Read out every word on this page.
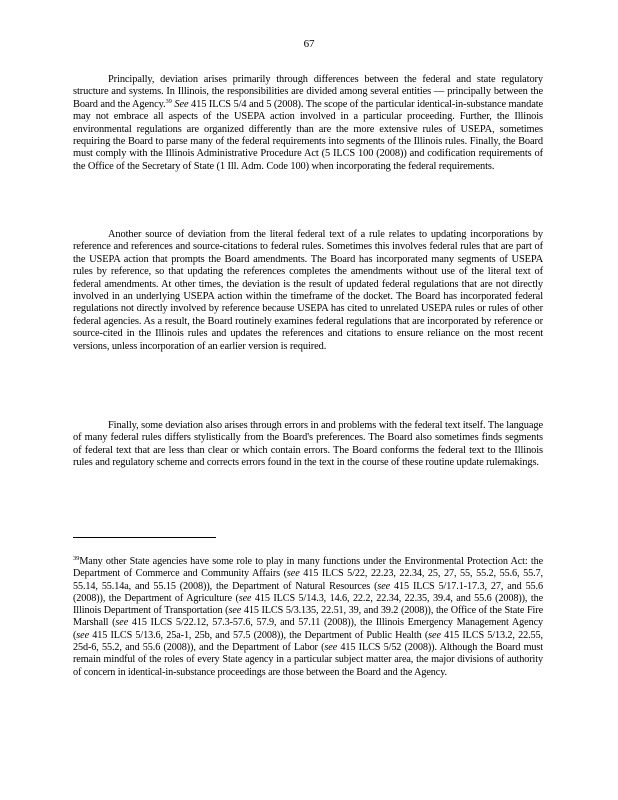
67

Principally, deviation arises primarily through differences between the federal and state regulatory structure and systems. In Illinois, the responsibilities are divided among several entities — principally between the Board and the Agency.$^{39}$ See 415 ILCS 5/4 and 5 (2008). The scope of the particular identical-in-substance mandate may not embrace all aspects of the USEPA action involved in a particular proceeding. Further, the Illinois environmental regulations are organized differently than are the more extensive rules of USEPA, sometimes requiring the Board to parse many of the federal requirements into segments of the Illinois rules. Finally, the Board must comply with the Illinois Administrative Procedure Act (5 ILCS 100 (2008)) and codification requirements of the Office of the Secretary of State (1 Ill. Adm. Code 100) when incorporating the federal requirements.

Another source of deviation from the literal federal text of a rule relates to updating incorporations by reference and references and source-citations to federal rules. Sometimes this involves federal rules that are part of the USEPA action that prompts the Board amendments. The Board has incorporated many segments of USEPA rules by reference, so that updating the references completes the amendments without use of the literal text of federal amendments. At other times, the deviation is the result of updated federal regulations that are not directly involved in an underlying USEPA action within the timeframe of the docket. The Board has incorporated federal regulations not directly involved by reference because USEPA has cited to unrelated USEPA rules or rules of other federal agencies. As a result, the Board routinely examines federal regulations that are incorporated by reference or source-cited in the Illinois rules and updates the references and citations to ensure reliance on the most recent versions, unless incorporation of an earlier version is required.

Finally, some deviation also arises through errors in and problems with the federal text itself. The language of many federal rules differs stylistically from the Board's preferences. The Board also sometimes finds segments of federal text that are less than clear or which contain errors. The Board conforms the federal text to the Illinois rules and regulatory scheme and corrects errors found in the text in the course of these routine update rulemakings.

$^{39}$Many other State agencies have some role to play in many functions under the Environmental Protection Act: the Department of Commerce and Community Affairs (see 415 ILCS 5/22, 22.23, 22.34, 25, 27, 55, 55.2, 55.6, 55.7, 55.14, 55.14a, and 55.15 (2008)), the Department of Natural Resources (see 415 ILCS 5/17.1-17.3, 27, and 55.6 (2008)), the Department of Agriculture (see 415 ILCS 5/14.3, 14.6, 22.2, 22.34, 22.35, 39.4, and 55.6 (2008)), the Illinois Department of Transportation (see 415 ILCS 5/3.135, 22.51, 39, and 39.2 (2008)), the Office of the State Fire Marshall (see 415 ILCS 5/22.12, 57.3-57.6, 57.9, and 57.11 (2008)), the Illinois Emergency Management Agency (see 415 ILCS 5/13.6, 25a-1, 25b, and 57.5 (2008)), the Department of Public Health (see 415 ILCS 5/13.2, 22.55, 25d-6, 55.2, and 55.6 (2008)), and the Department of Labor (see 415 ILCS 5/52 (2008)). Although the Board must remain mindful of the roles of every State agency in a particular subject matter area, the major divisions of authority of concern in identical-in-substance proceedings are those between the Board and the Agency.
